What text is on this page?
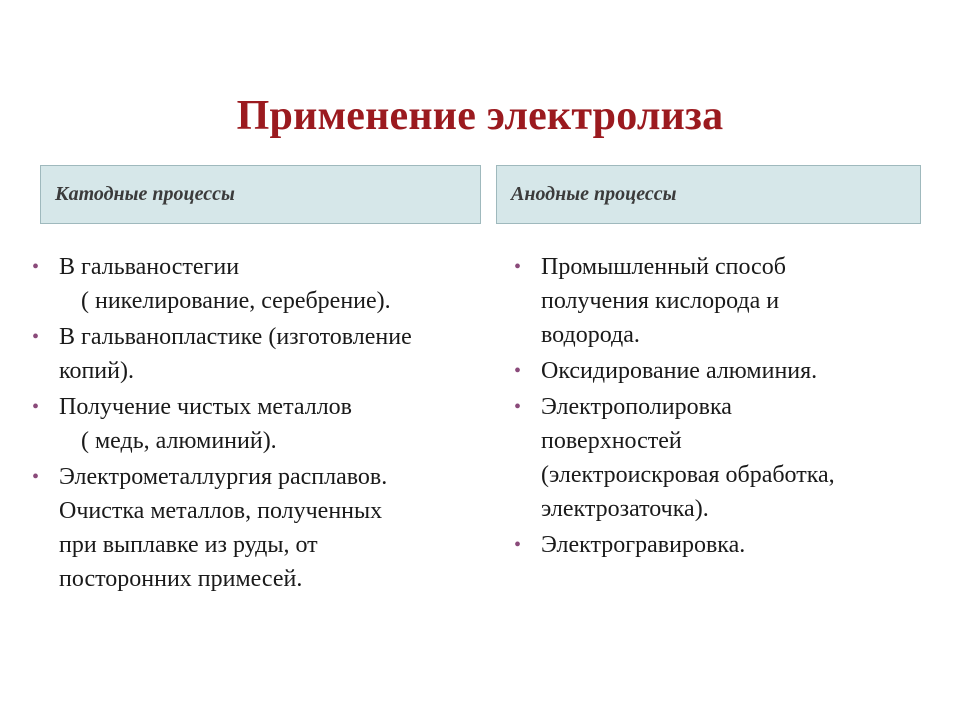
Применение электролиза
Катодные процессы	Анодные процессы
• В гальваностегии
( никелирование, серебрение).
• В гальванопластике (изготовление
копий).
• Получение чистых металлов
( медь, алюминий).
• Электрометаллургия расплавов.
Очистка металлов, полученных
при выплавке из руды, от
посторонних примесей.
• Промышленный способ
получения кислорода и
водорода.
• Оксидирование алюминия.
• Электрополировка
поверхностей
(электроискровая обработка,
электрозаточка).
• Электрогравировка.
